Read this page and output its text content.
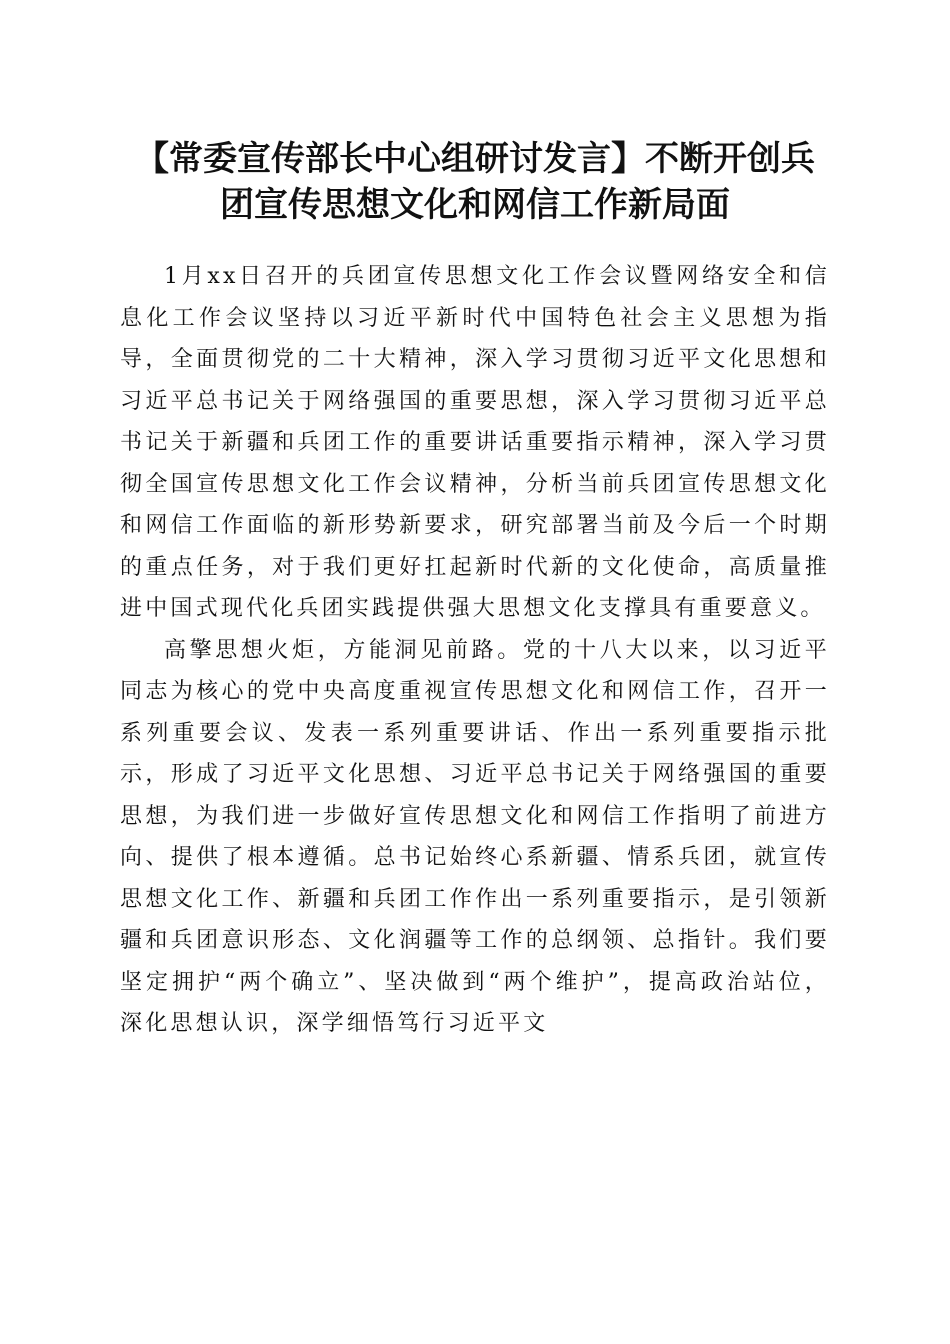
【常委宣传部长中心组研讨发言】不断开创兵
团宣传思想文化和网信工作新局面

1月xx日召开的兵团宣传思想文化工作会议暨网络安全和信息化工作会议坚持以习近平新时代中国特色社会主义思想为指导，全面贯彻党的二十大精神，深入学习贯彻习近平文化思想和习近平总书记关于网络强国的重要思想，深入学习贯彻习近平总书记关于新疆和兵团工作的重要讲话重要指示精神，深入学习贯彻全国宣传思想文化工作会议精神，分析当前兵团宣传思想文化和网信工作面临的新形势新要求，研究部署当前及今后一个时期的重点任务，对于我们更好扛起新时代新的文化使命，高质量推进中国式现代化兵团实践提供强大思想文化支撑具有重要意义。

高擎思想火炬，方能洞见前路。党的十八大以来，以习近平同志为核心的党中央高度重视宣传思想文化和网信工作，召开一系列重要会议、发表一系列重要讲话、作出一系列重要指示批示，形成了习近平文化思想、习近平总书记关于网络强国的重要思想，为我们进一步做好宣传思想文化和网信工作指明了前进方向、提供了根本遵循。总书记始终心系新疆、情系兵团，就宣传思想文化工作、新疆和兵团工作作出一系列重要指示，是引领新疆和兵团意识形态、文化润疆等工作的总纲领、总指针。我们要坚定拥护“两个确立”、坚决做到“两个维护”，提高政治站位，深化思想认识，深学细悟笃行习近平文
